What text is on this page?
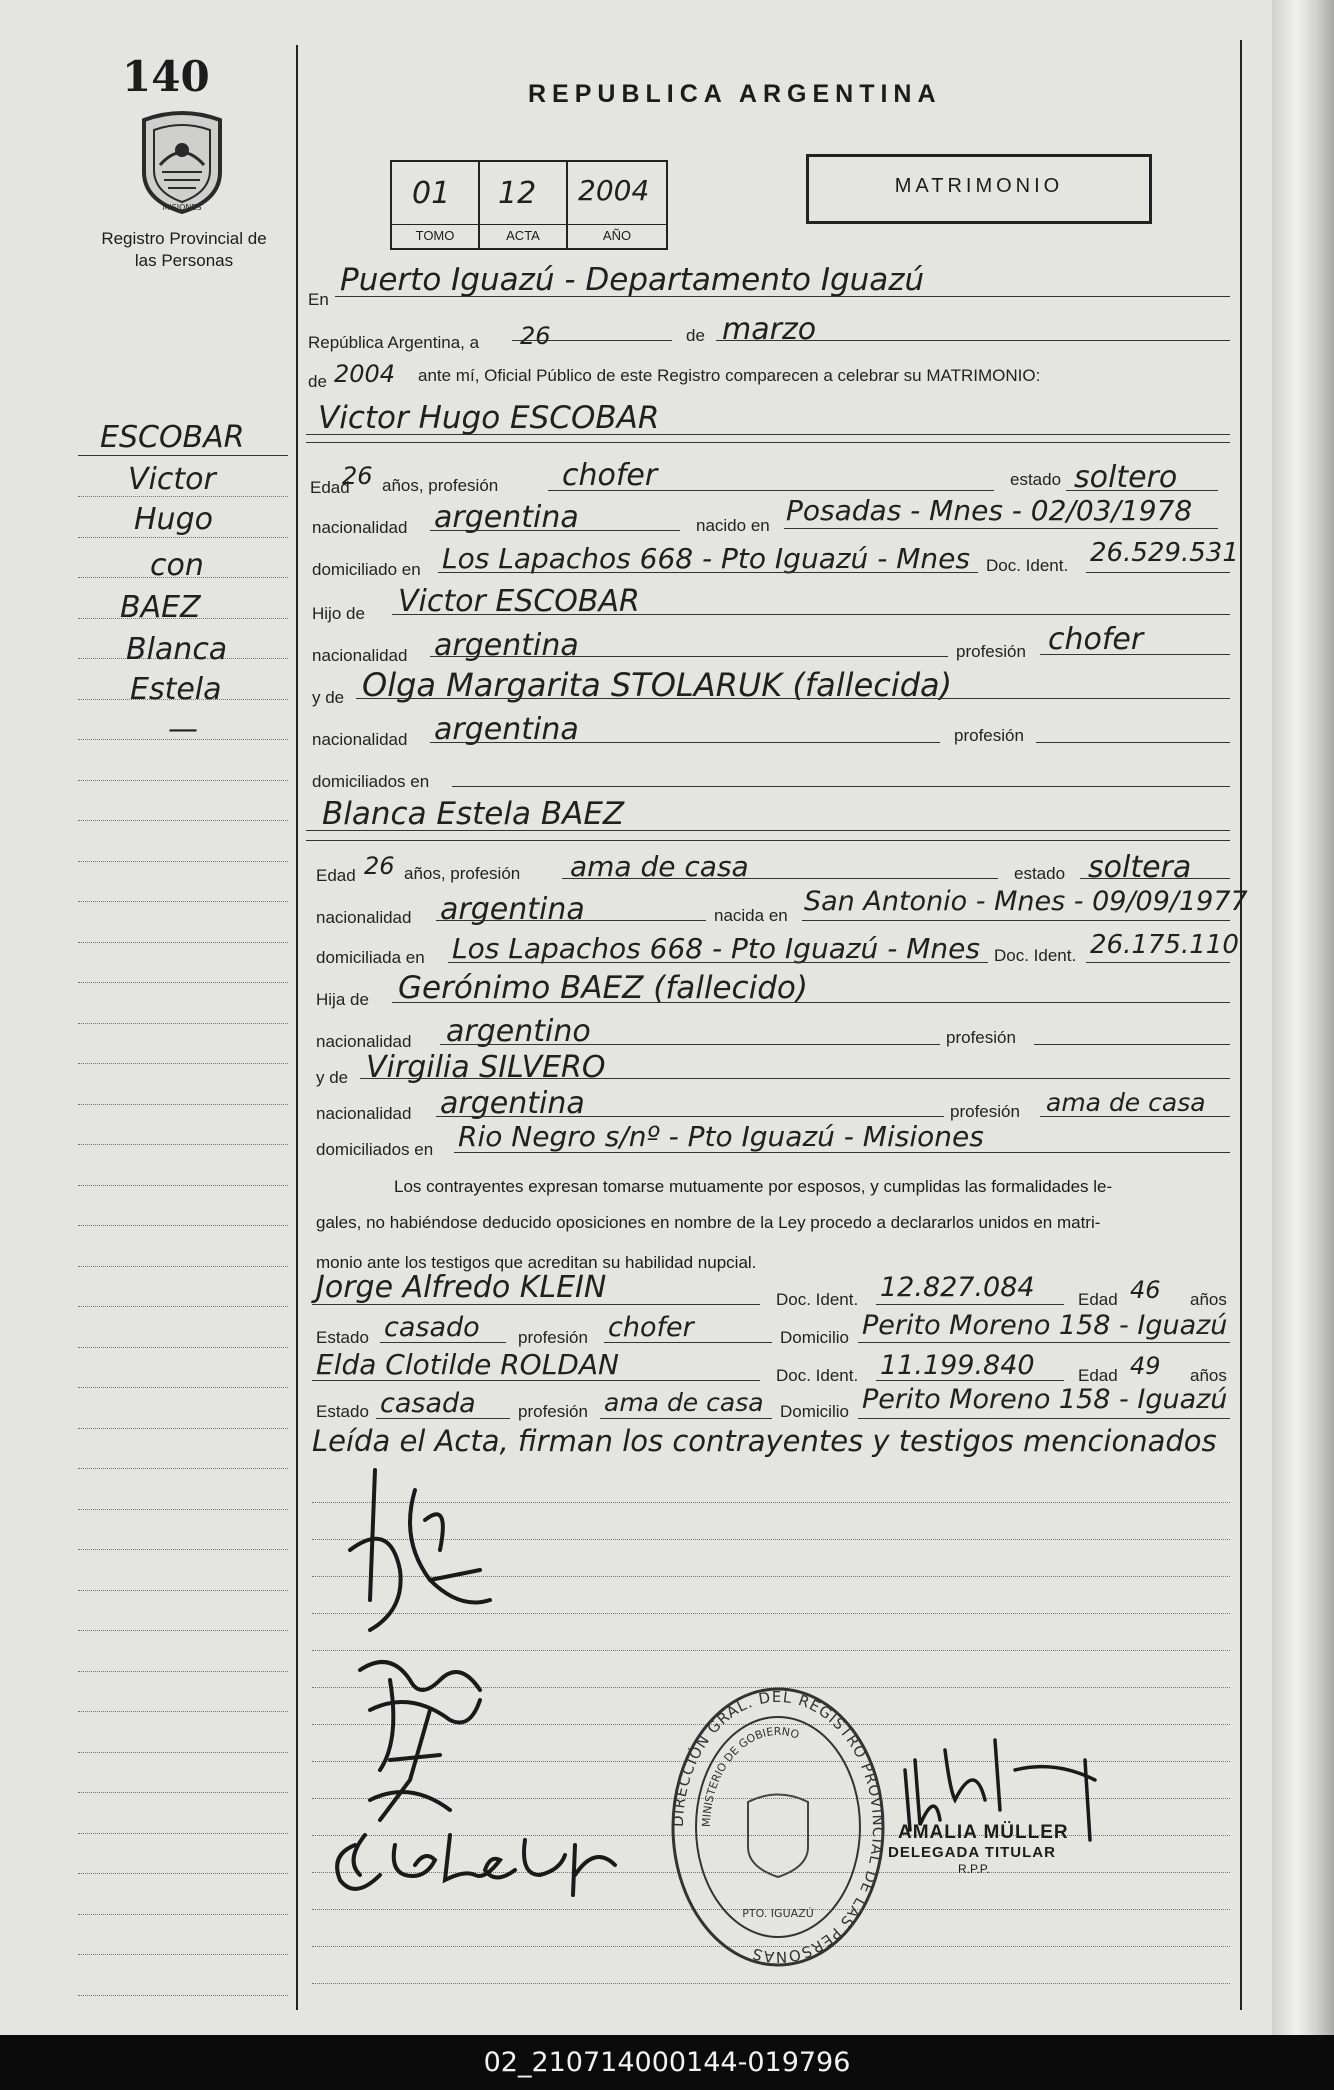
140
MISIONES
Registro Provincial de las Personas
ESCOBAR
Victor
Hugo
con
BAEZ
Blanca
Estela
—
REPUBLICA ARGENTINA
01 12 2004
TOMO	ACTA	AÑO
MATRIMONIO
En
Puerto Iguazú - Departamento Iguazú
República Argentina, a 26	de marzo
de 2004 ante mí, Oficial Público de este Registro comparecen a celebrar su MATRIMONIO:
Victor Hugo ESCOBAR
Edad
26 años, profesión chofer	estado soltero
nacionalidad argentina	nacido en Posadas - Mnes - 02/03/1978
domiciliado en Los Lapachos 668 - Pto Iguazú - Mnes Doc. Ident. 26.529.531
Hijo de Victor ESCOBAR
nacionalidad argentina	profesión chofer
y de Olga Margarita STOLARUK (fallecida)
nacionalidad argentina	profesión
domiciliados en
Blanca Estela BAEZ
Edad 26 años, profesión ama de casa	estado soltera
nacionalidad argentina	nacida en San Antonio - Mnes - 09/09/1977
domiciliada en Los Lapachos 668 - Pto Iguazú - Mnes Doc. Ident. 26.175.110
Hija de Gerónimo BAEZ (fallecido)
nacionalidad argentino	profesión
y de Virgilia SILVERO
nacionalidad argentina	profesión ama de casa
domiciliados en Rio Negro s/nº - Pto Iguazú - Misiones
Los contrayentes expresan tomarse mutuamente por esposos, y cumplidas las formalidades le-
gales, no habiéndose deducido oposiciones en nombre de la Ley procedo a declararlos unidos en matri-
monio ante los testigos que acreditan su habilidad nupcial.
Jorge Alfredo KLEIN	Doc. Ident. 12.827.084	Edad 46 años
Estado casado profesión chofer	Domicilio Perito Moreno 158 - Iguazú
Elda Clotilde ROLDAN	Doc. Ident. 11.199.840	Edad 49 años
Estado casada profesión ama de casa Domicilio Perito Moreno 158 - Iguazú
Leída el Acta, firman los contrayentes y testigos mencionados
DIRECCIÓN GRAL. DEL REGISTRO PROVINCIAL DE LAS PERSONAS
MINISTERIO DE GOBIERNO
PTO. IGUAZÚ
AMALIA MÜLLER
DELEGADA TITULAR
R.P.P.
02_210714000144-019796
